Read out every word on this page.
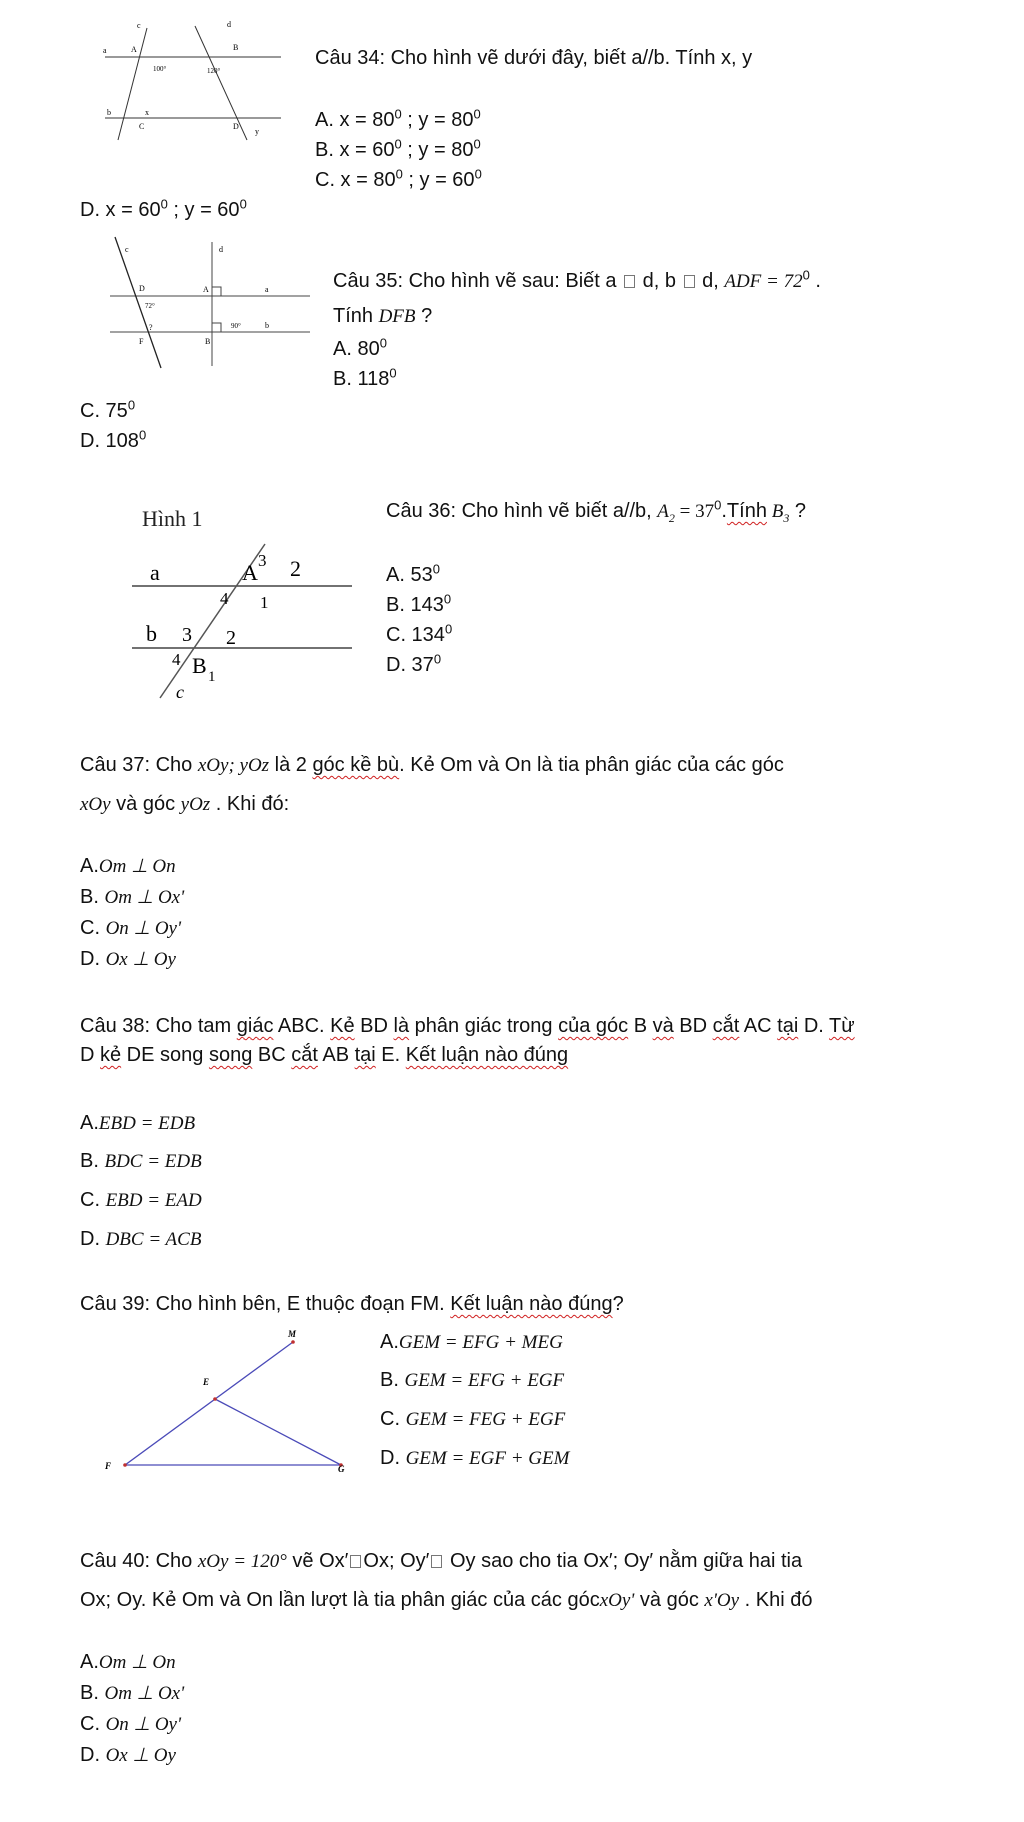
c	d
a	A	B
100°	120°
b	x
C	D
y
Câu 34: Cho hình vẽ dưới đây, biết a//b. Tính x, y
A. $x = 80^0$ ; $y = 80^0$
B. $x = 60^0$ ; $y = 80^0$
C. $x = 80^0$ ; $y = 60^0$
D. $x = 60^0$ ; $y = 60^0$
c	d
D	A	a
72°
?	90°	b
F	B
Câu 35: Cho hình vẽ sau: Biết a  d, b  d, ADF = $72^0$ .
Tính DFB ?
A. $80^0$
B. $118^0$
C. $75^0$
D. $108^0$
Hình 1
a	A 3 2
4 1
b 3 2
4 B 1
c
Câu 36: Cho hình vẽ biết a//b, $A_2$ = $37^0.Tính$ $B_3$ ?
A. $53^0$
B. $143^0$
C. $134^0$
D. $37^0$
Câu 37: Cho xOy; yOz là 2 góc kề bù. Kẻ Om và On là tia phân giác của các góc
xOy và góc yOz . Khi đó:
A.Om ⊥ On
B. Om ⊥ Ox'
C. On ⊥ Oy'
D. Ox ⊥ Oy
Câu 38: Cho tam giác ABC. Kẻ BD là phân giác trong của góc B và BD cắt AC tại D. Từ
D kẻ DE song song BC cắt AB tại E. Kết luận nào đúng
A.EBD = EDB
B. BDC = EDB
C. EBD = EAD
D. DBC = ACB
Câu 39: Cho hình bên, E thuộc đoạn FM. Kết luận nào đúng?
M
E
F	G
A.GEM = EFG + MEG
B. GEM = EFG + EGF
C. GEM = FEG + EGF
D. GEM = EGF + GEM
Câu 40: Cho xOy = 120° vẽ Ox′ Ox; Oy′ Oy sao cho tia Ox′; Oy′ nằm giữa hai tia
Ox; Oy. Kẻ Om và On lần lượt là tia phân giác của các gócxOy' và góc x'Oy . Khi đó
A.Om ⊥ On
B. Om ⊥ Ox'
C. On ⊥ Oy'
D. Ox ⊥ Oy
